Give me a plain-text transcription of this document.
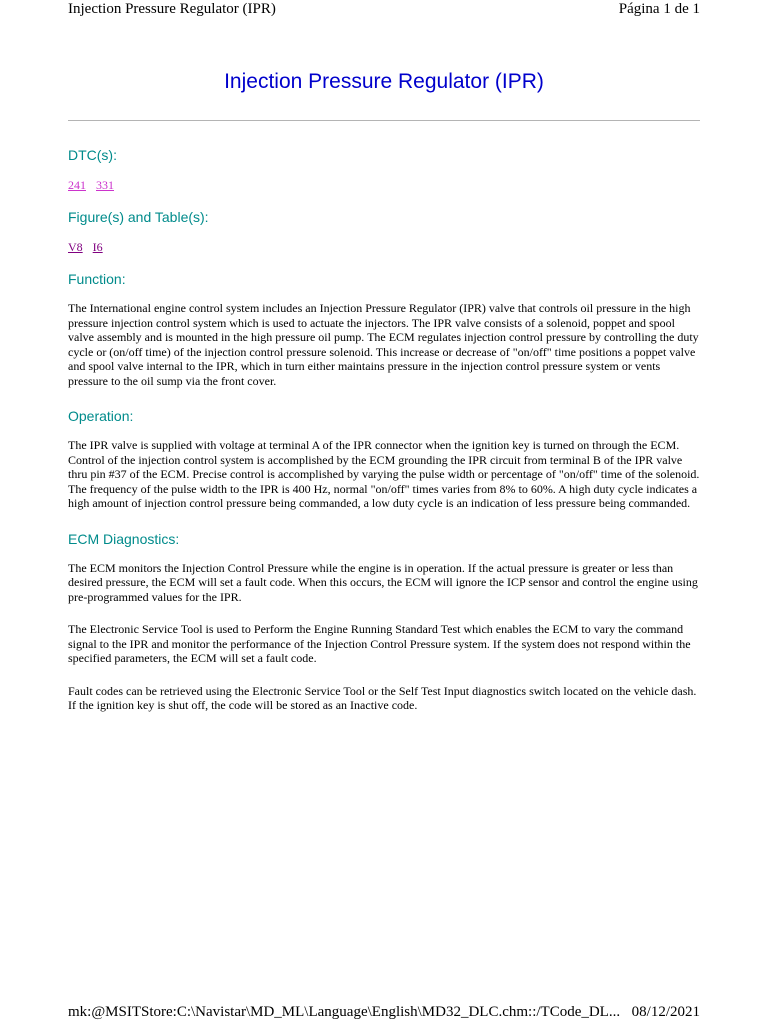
Injection Pressure Regulator (IPR)	Página 1 de 1
Injection Pressure Regulator (IPR)
DTC(s):
241 331
Figure(s) and Table(s):
V8 I6
Function:

The International engine control system includes an Injection Pressure Regulator (IPR) valve that controls oil pressure in the high pressure injection control system which is used to actuate the injectors. The IPR valve consists of a solenoid, poppet and spool valve assembly and is mounted in the high pressure oil pump. The ECM regulates injection control pressure by controlling the duty cycle or (on/off time) of the injection control pressure solenoid. This increase or decrease of "on/off" time positions a poppet valve and spool valve internal to the IPR, which in turn either maintains pressure in the injection control pressure system or vents pressure to the oil sump via the front cover.

Operation:

The IPR valve is supplied with voltage at terminal A of the IPR connector when the ignition key is turned on through the ECM. Control of the injection control system is accomplished by the ECM grounding the IPR circuit from terminal B of the IPR valve thru pin #37 of the ECM. Precise control is accomplished by varying the pulse width or percentage of "on/off" time of the solenoid. The frequency of the pulse width to the IPR is 400 Hz, normal "on/off" times varies from 8% to 60%. A high duty cycle indicates a high amount of injection control pressure being commanded, a low duty cycle is an indication of less pressure being commanded.

ECM Diagnostics:

The ECM monitors the Injection Control Pressure while the engine is in operation. If the actual pressure is greater or less than desired pressure, the ECM will set a fault code. When this occurs, the ECM will ignore the ICP sensor and control the engine using pre-programmed values for the IPR.

The Electronic Service Tool is used to Perform the Engine Running Standard Test which enables the ECM to vary the command signal to the IPR and monitor the performance of the Injection Control Pressure system. If the system does not respond within the specified parameters, the ECM will set a fault code.

Fault codes can be retrieved using the Electronic Service Tool or the Self Test Input diagnostics switch located on the vehicle dash. If the ignition key is shut off, the code will be stored as an Inactive code.

mk:@MSITStore:C:\Navistar\MD_ML\Language\English\MD32_DLC.chm::/TCode_DL... 08/12/2021
